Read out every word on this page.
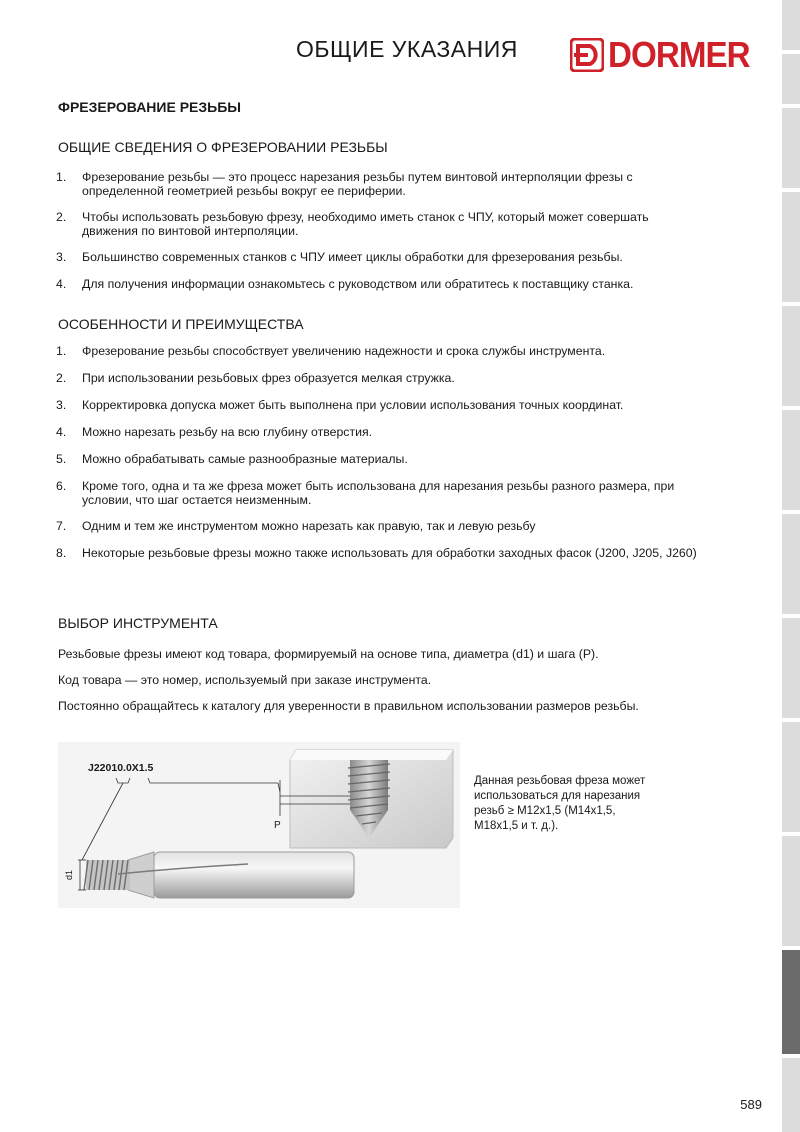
ОБЩИЕ УКАЗАНИЯ	DORMER
ФРЕЗЕРОВАНИЕ РЕЗЬБЫ
ОБЩИЕ СВЕДЕНИЯ О ФРЕЗЕРОВАНИИ РЕЗЬБЫ
1. Фрезерование резьбы — это процесс нарезания резьбы путем винтовой интерполяции фрезы с
определенной геометрией резьбы вокруг ее периферии.
2. Чтобы использовать резьбовую фрезу, необходимо иметь станок с ЧПУ, который может совершать
движения по винтовой интерполяции.
3. Большинство современных станков с ЧПУ имеет циклы обработки для фрезерования резьбы.
4. Для получения информации ознакомьтесь с руководством или обратитесь к поставщику станка.
ОСОБЕННОСТИ И ПРЕИМУЩЕСТВА
1. Фрезерование резьбы способствует увеличению надежности и срока службы инструмента.
2. При использовании резьбовых фрез образуется мелкая стружка.
3. Корректировка допуска может быть выполнена при условии использования точных координат.
4. Можно нарезать резьбу на всю глубину отверстия.
5. Можно обрабатывать самые разнообразные материалы.
6. Кроме того, одна и та же фреза может быть использована для нарезания резьбы разного размера, при
условии, что шаг остается неизменным.
7. Одним и тем же инструментом можно нарезать как правую, так и левую резьбу
8. Некоторые резьбовые фрезы можно также использовать для обработки заходных фасок (J200, J205, J260)
ВЫБОР ИНСТРУМЕНТА
Резьбовые фрезы имеют код товара, формируемый на основе типа, диаметра (d1) и шага (P).
Код товара — это номер, используемый при заказе инструмента.
Постоянно обращайтесь к каталогу для уверенности в правильном использовании размеров резьбы.
J22010.0X1.5
P
d1
Данная резьбовая фреза может
использоваться для нарезания
резьб ≥ M12x1,5 (M14x1,5,
M18x1,5 и т. д.).
589
